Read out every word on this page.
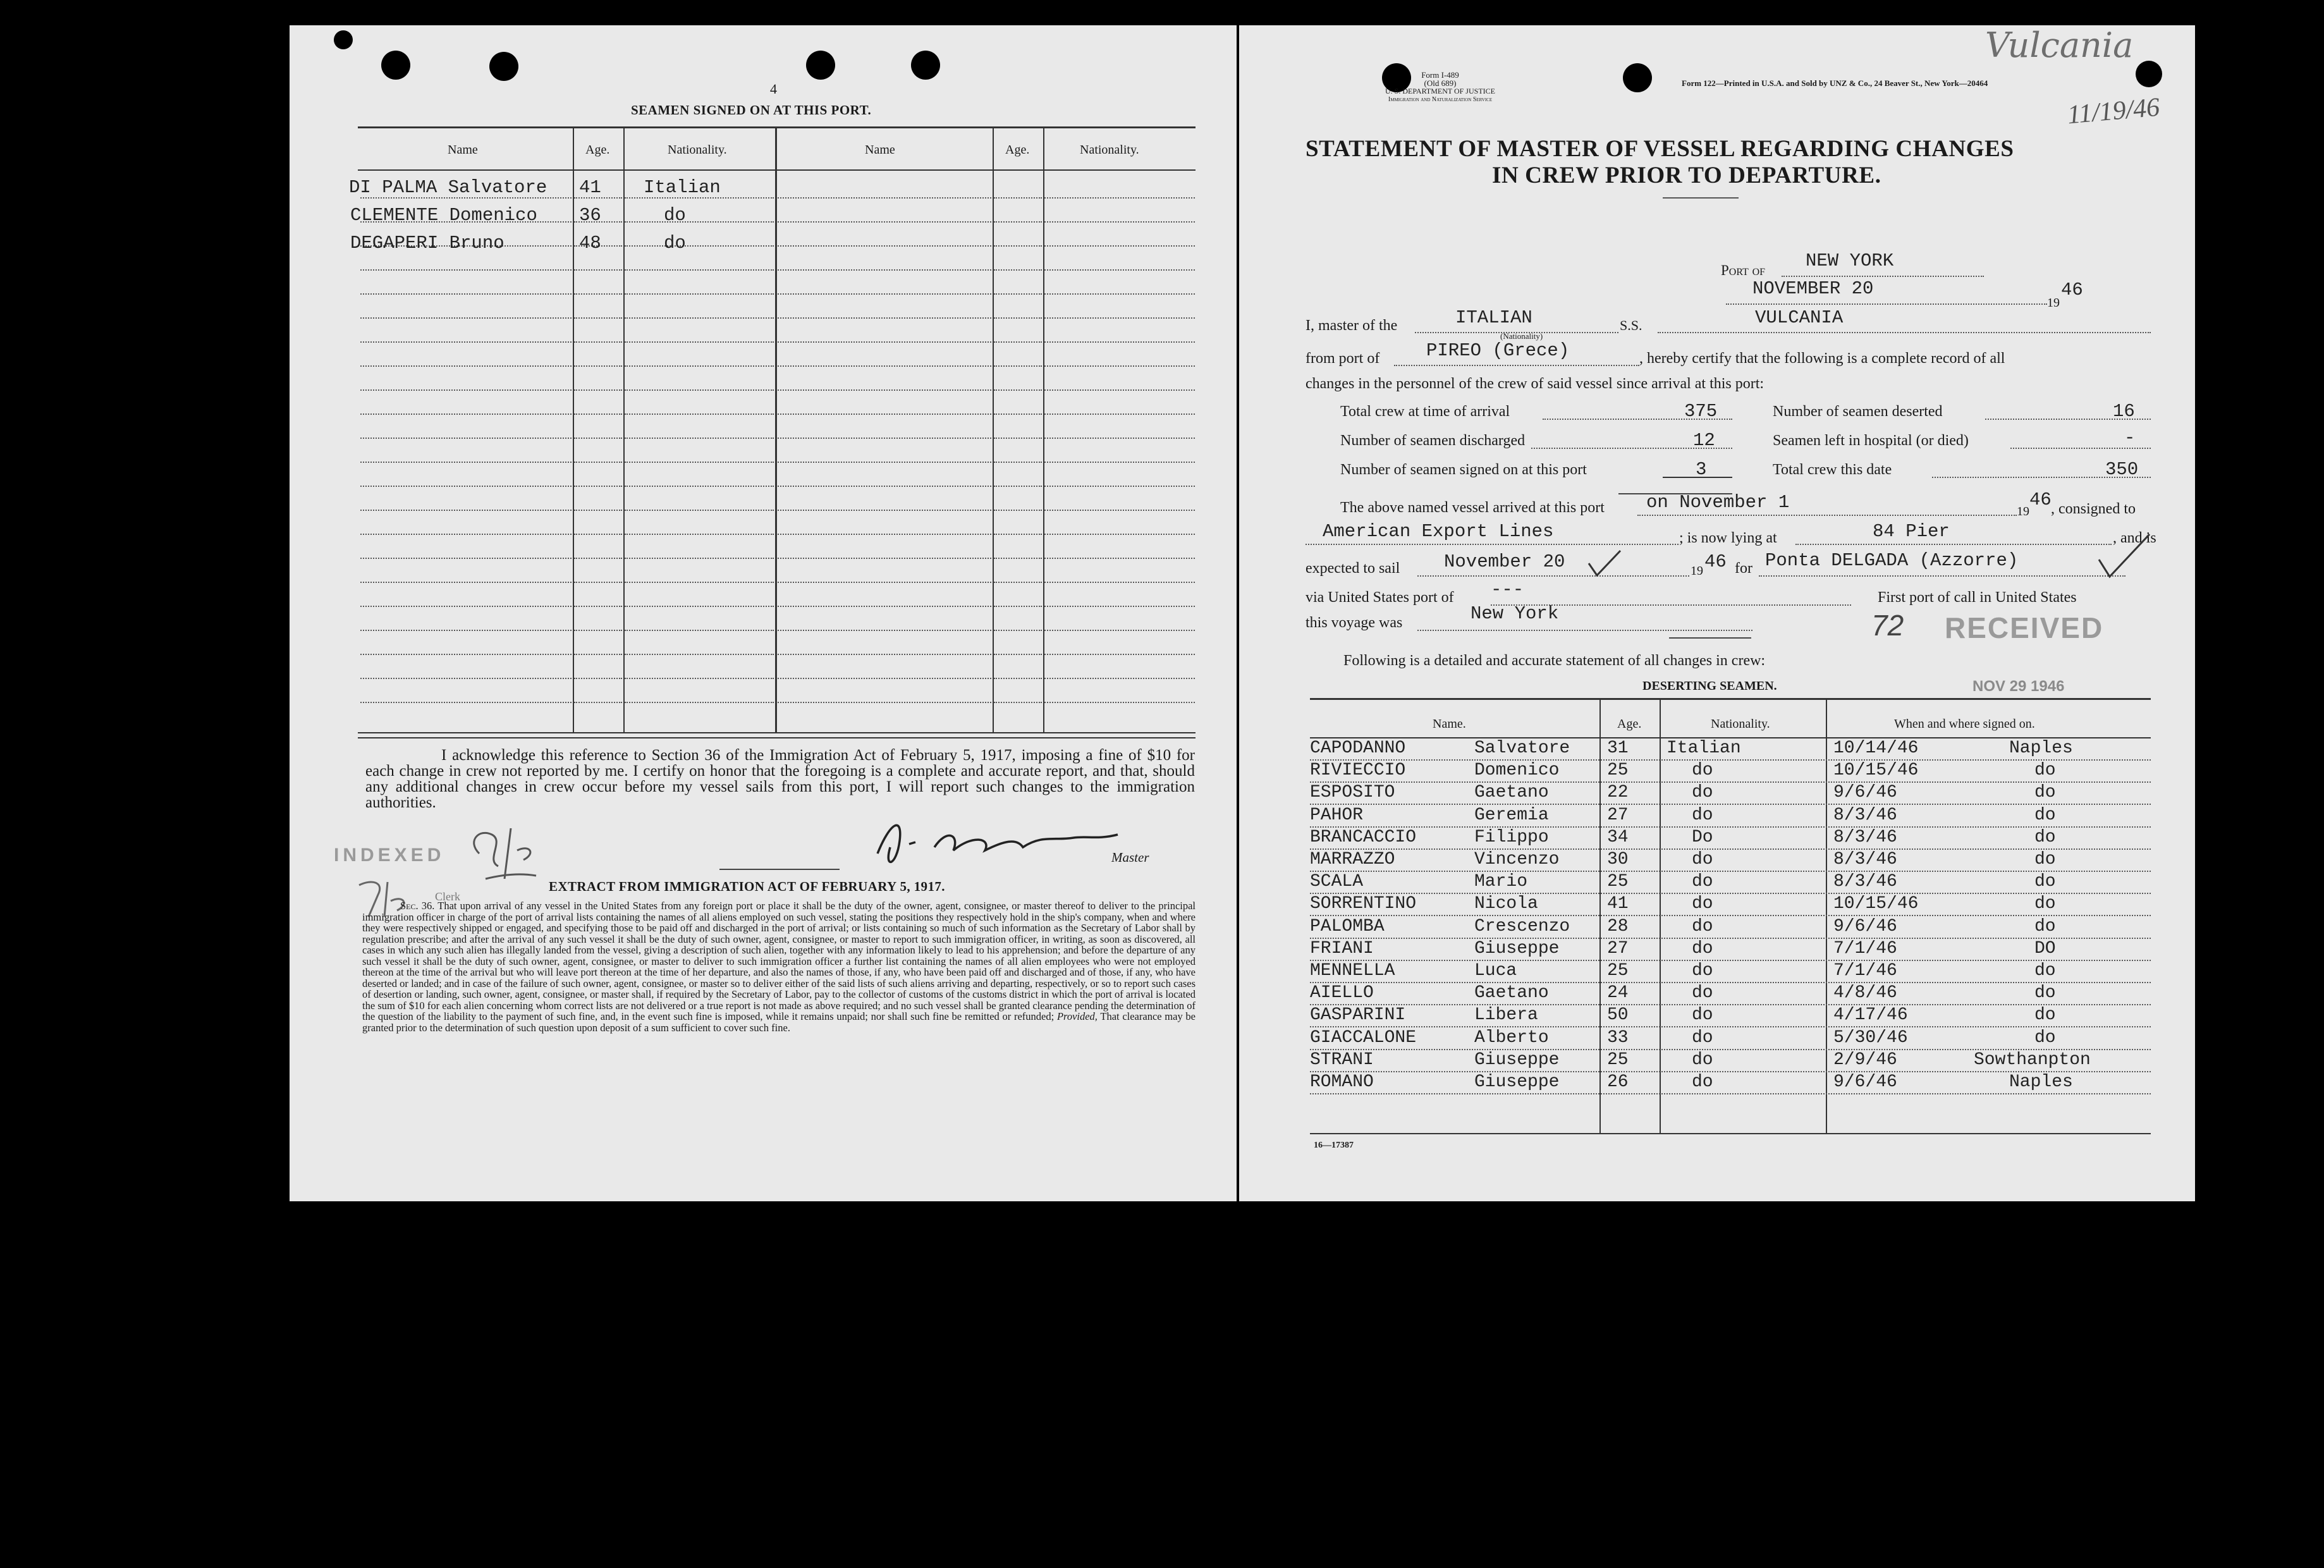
4
SEAMEN SIGNED ON AT THIS PORT.
Name	Age.	Nationality.	Name	Age.	Nationality.
DI PALMA Salvatore 41 Italian
CLEMENTE Domenico 36	do
DEGAPERI Bruno	48	do
I acknowledge this reference to Section 36 of the Immigration Act of February 5, 1917, imposing a fine of $10 for each change in crew not reported by me. I certify on honor that the foregoing is a complete and accurate report, and that, should any additional changes in crew occur before my vessel sails from this port, I will report such changes to the immigration authorities.
Master
INDEXED
Clerk
EXTRACT FROM IMMIGRATION ACT OF FEBRUARY 5, 1917.
Sec. 36. That upon arrival of any vessel in the United States from any foreign port or place it shall be the duty of the owner, agent, consignee, or master thereof to deliver to the principal immigration officer in charge of the port of arrival lists containing the names of all aliens employed on such vessel, stating the positions they respectively hold in the ship's company, when and where they were respectively shipped or engaged, and specifying those to be paid off and discharged in the port of arrival; or lists containing so much of such information as the Secretary of Labor shall by regulation prescribe; and after the arrival of any such vessel it shall be the duty of such owner, agent, consignee, or master to report to such immigration officer, in writing, as soon as discovered, all cases in which any such alien has illegally landed from the vessel, giving a description of such alien, together with any information likely to lead to his apprehension; and before the departure of any such vessel it shall be the duty of such owner, agent, consignee, or master to deliver to such immigration officer a further list containing the names of all alien employees who were not employed thereon at the time of the arrival but who will leave port thereon at the time of her departure, and also the names of those, if any, who have been paid off and discharged and of those, if any, who have deserted or landed; and in case of the failure of such owner, agent, consignee, or master so to deliver either of the said lists of such aliens arriving and departing, respectively, or so to report such cases of desertion or landing, such owner, agent, consignee, or master shall, if required by the Secretary of Labor, pay to the collector of customs of the customs district in which the port of arrival is located the sum of $10 for each alien concerning whom correct lists are not delivered or a true report is not made as above required; and no such vessel shall be granted clearance pending the determination of the question of the liability to the payment of such fine, and, in the event such fine is imposed, while it remains unpaid; nor shall such fine be remitted or refunded; Provided, That clearance may be granted prior to the determination of such question upon deposit of a sum sufficient to cover such fine.
Form I-489
(Old 689)
U. S. DEPARTMENT OF JUSTICE
Immigration and Naturalization Service
Form 122—Printed in U.S.A. and Sold by UNZ & Co., 24 Beaver St., New York—20464
Vulcania
11/19/46
STATEMENT OF MASTER OF VESSEL REGARDING CHANGES
IN CREW PRIOR TO DEPARTURE.
Port of NEW YORK
NOVEMBER 20
19
46
I, master of the	ITALIAN
(Nationality)
S.S.	VULCANIA
from port of	PIREO (Grece)	, hereby certify that the following is a complete record of all
changes in the personnel of the crew of said vessel since arrival at this port:
Total crew at time of arrival	375	Number of seamen deserted	16
Number of seamen discharged	12	Seamen left in hospital (or died)	-
Number of seamen signed on at this port	3	Total crew this date	350
The above named vessel arrived at this port on November 1	19
46 , consigned to
American Export Lines	; is now lying at	84 Pier	, and is
expected to sail November 20	19 46 for Ponta DELGADA (Azzorre)
via United States port of ---	First port of call in United States
this voyage was	New York	72 RECEIVED
NOV 29 1946
Following is a detailed and accurate statement of all changes in crew:
DESERTING SEAMEN.
Name.	Age.	Nationality.	When and where signed on.
CAPODANNO	Salvatore 31 Italian	10/14/46	Naples
RIVIECCIO	Domenico	25	do	10/15/46	do
ESPOSITO	Gaetano	22	do	9/6/46	do
PAHOR	Geremia	27	do	8/3/46	do
BRANCACCIO	Filippo	34	Do	8/3/46	do
MARRAZZO	Vincenzo	30	do	8/3/46	do
SCALA	Mario	25	do	8/3/46	do
SORRENTINO	Nicola	41	do	10/15/46	do
PALOMBA	Crescenzo 28	do	9/6/46	do
FRIANI	Giuseppe	27	do	7/1/46	DO
MENNELLA	Luca	25	do	7/1/46	do
AIELLO	Gaetano	24	do	4/8/46	do
GASPARINI	Libera	50	do	4/17/46	do
GIACCALONE	Alberto	33	do	5/30/46	do
STRANI	Giuseppe	25	do	2/9/46	Sowthanpton
ROMANO	Giuseppe	26	do	9/6/46	Naples
16—17387
